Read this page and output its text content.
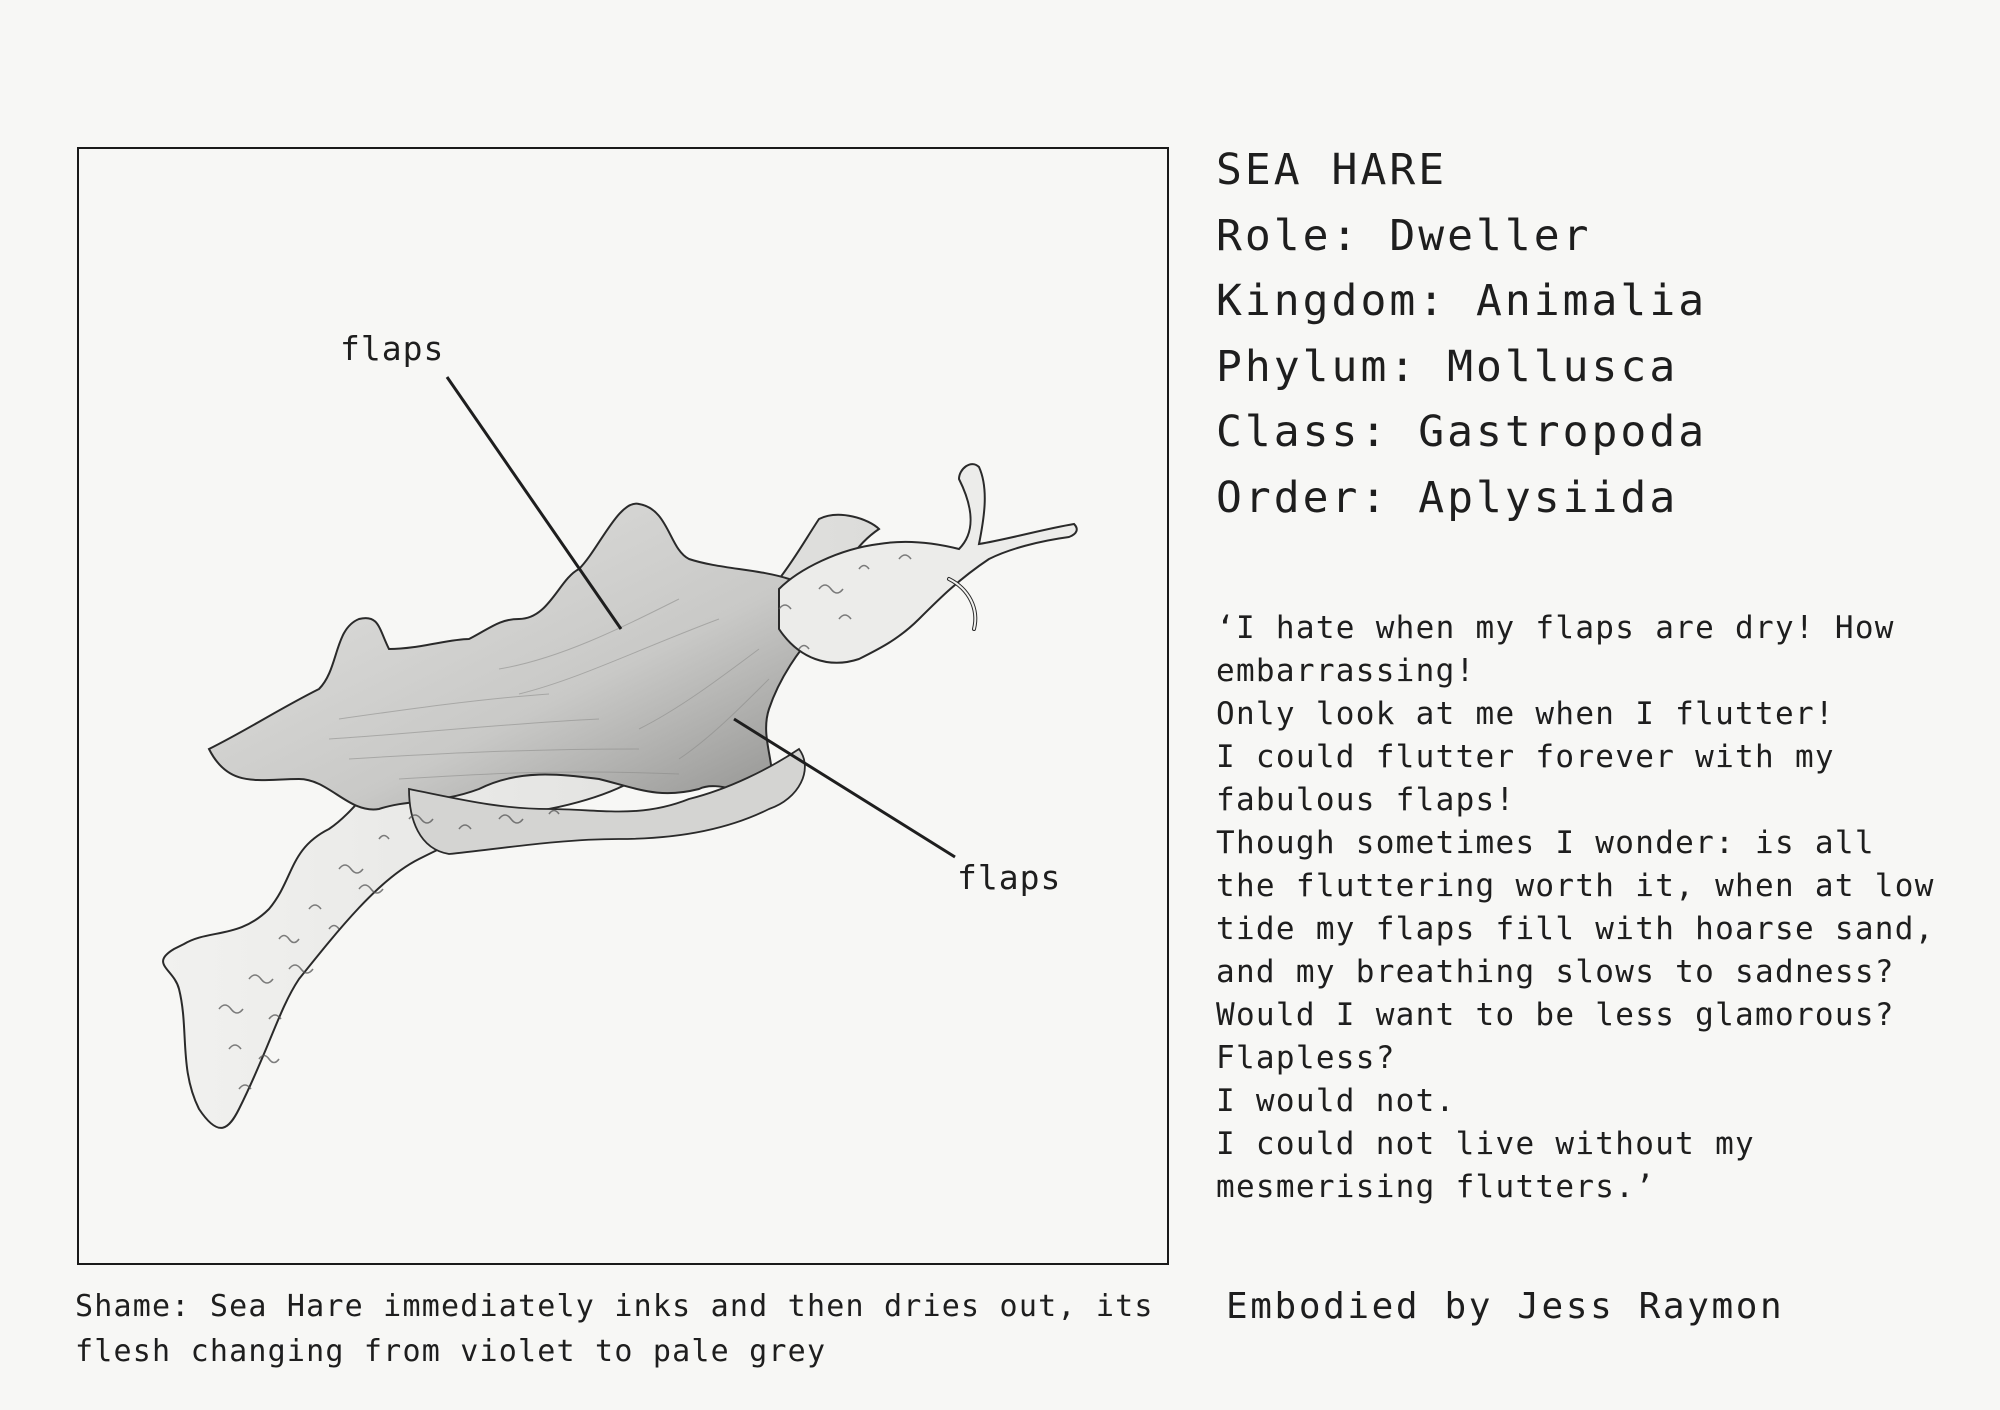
flaps
flaps
Shame: Sea Hare immediately inks and then dries out, its
flesh changing from violet to pale grey
SEA HARE
Role: Dweller
Kingdom: Animalia
Phylum: Mollusca
Class: Gastropoda
Order: Aplysiida
‘I hate when my flaps are dry! How
embarrassing!
Only look at me when I flutter!
I could flutter forever with my
fabulous flaps!
Though sometimes I wonder: is all
the fluttering worth it, when at low
tide my flaps fill with hoarse sand,
and my breathing slows to sadness?
Would I want to be less glamorous?
Flapless?
I would not.
I could not live without my
mesmerising flutters.’
Embodied by Jess Raymon
